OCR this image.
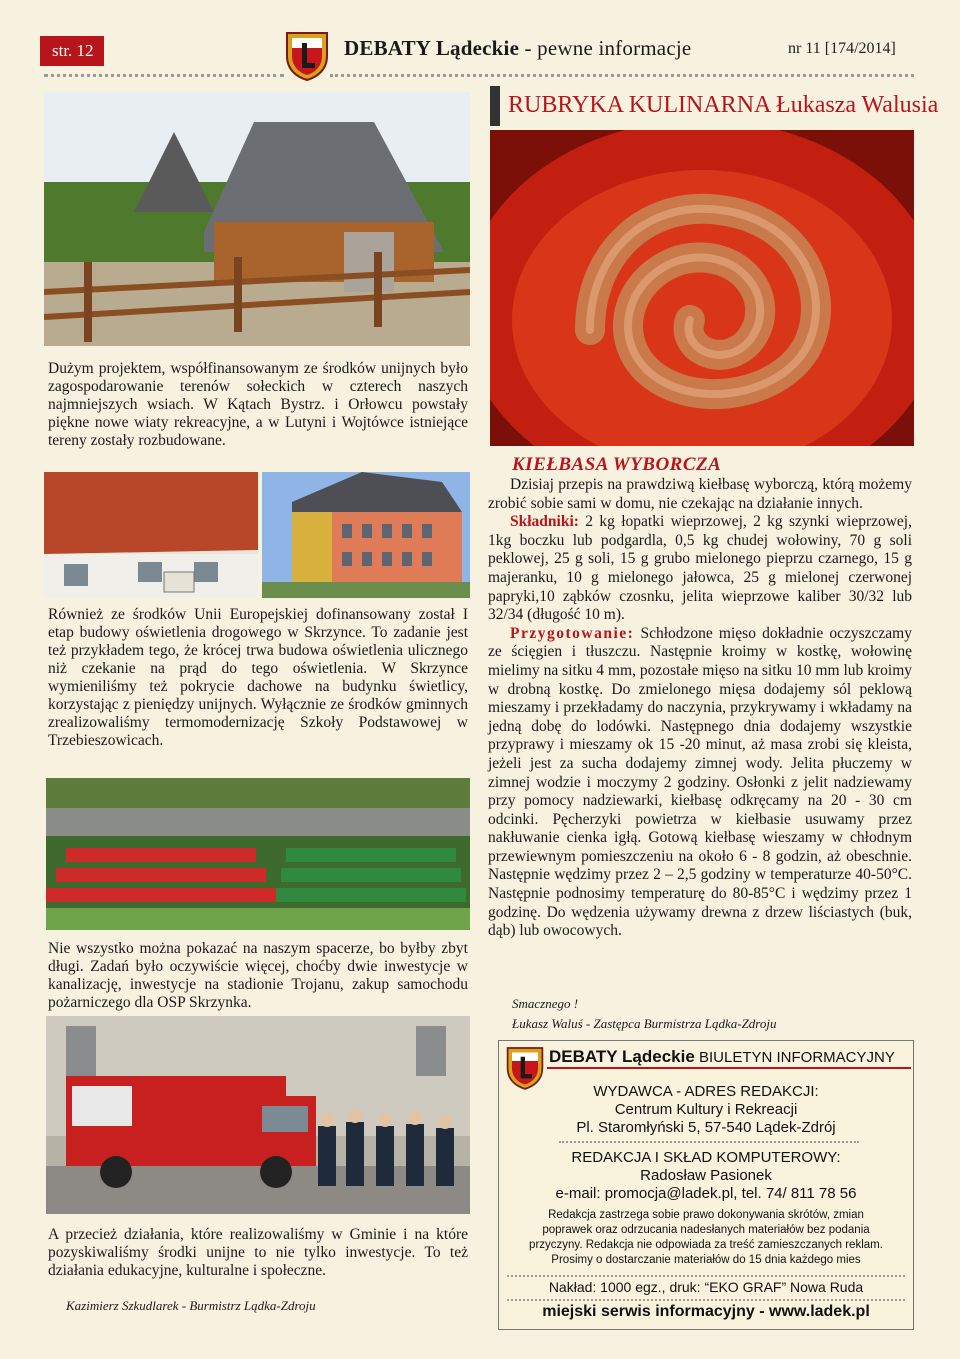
str. 12	DEBATY Lądeckie - pewne informacje	nr 11 [174/2014]
RUBRYKA KULINARNA Łukasza Walusia
Dużym projektem, współfinansowanym ze środków unijnych było zagospodarowanie terenów sołeckich w czterech naszych najmniejszych wsiach. W Kątach Bystrz. i Orłowcu powstały piękne nowe wiaty rekreacyjne, a w Lutyni i Wojtówce istniejące tereny zostały rozbudowane.
Również ze środków Unii Europejskiej dofinansowany został I etap budowy oświetlenia drogowego w Skrzynce. To zadanie jest też przykładem tego, że krócej trwa budowa oświetlenia ulicznego niż czekanie na prąd do tego oświetlenia. W Skrzynce wymieniliśmy też pokrycie dachowe na budynku świetlicy, korzystając z pieniędzy unijnych. Wyłącznie ze środków gminnych zrealizowaliśmy termomodernizację Szkoły Podstawowej w Trzebieszowicach.
Nie wszystko można pokazać na naszym spacerze, bo byłby zbyt długi. Zadań było oczywiście więcej, choćby dwie inwestycje w kanalizację, inwestycje na stadionie Trojanu, zakup samochodu pożarniczego dla OSP Skrzynka.
A przecież działania, które realizowaliśmy w Gminie i na które pozyskiwaliśmy środki unijne to nie tylko inwestycje. To też działania edukacyjne, kulturalne i społeczne.
Kazimierz Szkudlarek - Burmistrz Lądka-Zdroju
KIEŁBASA WYBORCZA

Dzisiaj przepis na prawdziwą kiełbasę wyborczą, którą możemy zrobić sobie sami w domu, nie czekając na działanie innych.

Składniki: 2 kg łopatki wieprzowej, 2 kg szynki wieprzowej, 1kg boczku lub podgardla, 0,5 kg chudej wołowiny, 70 g soli peklowej, 25 g soli, 15 g grubo mielonego pieprzu czarnego, 15 g majeranku, 10 g mielonego jałowca, 25 g mielonej czerwonej papryki,10 ząbków czosnku, jelita wieprzowe kaliber 30/32 lub 32/34 (długość 10 m).

Przygotowanie: Schłodzone mięso dokładnie oczyszczamy ze ścięgien i tłuszczu. Następnie kroimy w kostkę, wołowinę mielimy na sitku 4 mm, pozostałe mięso na sitku 10 mm lub kroimy w drobną kostkę. Do zmielonego mięsa dodajemy sól peklową mieszamy i przekładamy do naczynia, przykrywamy i wkładamy na jedną dobę do lodówki. Następnego dnia dodajemy wszystkie przyprawy i mieszamy ok 15 -20 minut, aż masa zrobi się kleista, jeżeli jest za sucha dodajemy zimnej wody. Jelita płuczemy w zimnej wodzie i moczymy 2 godziny. Osłonki z jelit nadziewamy przy pomocy nadziewarki, kiełbasę odkręcamy na 20 - 30 cm odcinki. Pęcherzyki powietrza w kiełbasie usuwamy przez nakłuwanie cienka igłą. Gotową kiełbasę wieszamy w chłodnym przewiewnym pomieszczeniu na około 6 - 8 godzin, aż obeschnie. Następnie wędzimy przez 2 – 2,5 godziny w temperaturze 40-50°C. Następnie podnosimy temperaturę do 80-85°C i wędzimy przez 1 godzinę. Do wędzenia używamy drewna z drzew liściastych (buk, dąb) lub owocowych.

Smacznego !
Łukasz Waluś - Zastępca Burmistrza Lądka-Zdroju
DEBATY Lądeckie BIULETYN INFORMACYJNY
WYDAWCA - ADRES REDAKCJI:
Centrum Kultury i Rekreacji
Pl. Staromłyński 5, 57-540 Lądek-Zdrój
REDAKCJA I SKŁAD KOMPUTEROWY:
Radosław Pasionek
e-mail: promocja@ladek.pl, tel. 74/ 811 78 56
Redakcja zastrzega sobie prawo dokonywania skrótów, zmian
poprawek oraz odrzucania nadesłanych materiałów bez podania
przyczyny. Redakcja nie odpowiada za treść zamieszczanych reklam.
Prosimy o dostarczanie materiałów do 15 dnia każdego mies
Nakład: 1000 egz., druk: “EKO GRAF” Nowa Ruda
miejski serwis informacyjny - www.ladek.pl
